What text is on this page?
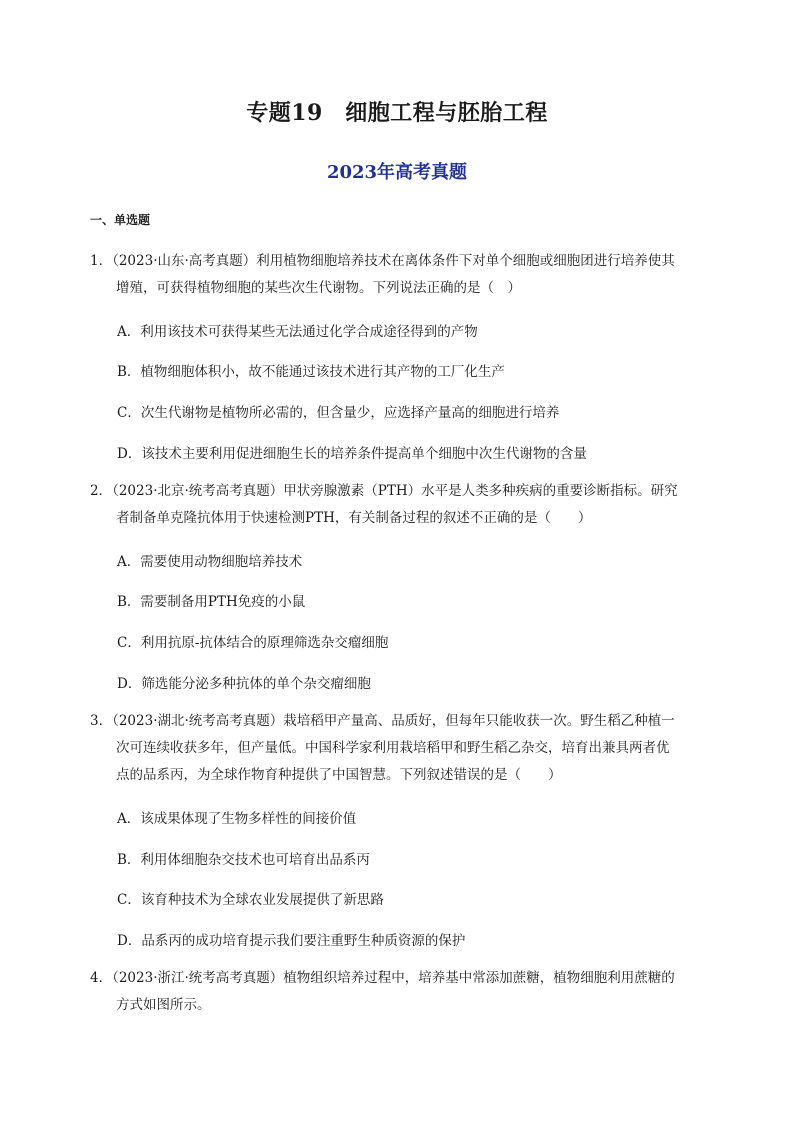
专题19　细胞工程与胚胎工程
2023年高考真题
一、单选题
1．（2023·山东·高考真题）利用植物细胞培养技术在离体条件下对单个细胞或细胞团进行培养使其
增殖，可获得植物细胞的某些次生代谢物。下列说法正确的是（　）
A．利用该技术可获得某些无法通过化学合成途径得到的产物
B．植物细胞体积小，故不能通过该技术进行其产物的工厂化生产
C．次生代谢物是植物所必需的，但含量少，应选择产量高的细胞进行培养
D．该技术主要利用促进细胞生长的培养条件提高单个细胞中次生代谢物的含量
2．（2023·北京·统考高考真题）甲状旁腺激素（PTH）水平是人类多种疾病的重要诊断指标。研究
者制备单克隆抗体用于快速检测PTH，有关制备过程的叙述不正确的是（　　）
A．需要使用动物细胞培养技术
B．需要制备用PTH免疫的小鼠
C．利用抗原-抗体结合的原理筛选杂交瘤细胞
D．筛选能分泌多种抗体的单个杂交瘤细胞
3．（2023·湖北·统考高考真题）栽培稻甲产量高、品质好，但每年只能收获一次。野生稻乙种植一
次可连续收获多年，但产量低。中国科学家利用栽培稻甲和野生稻乙杂交，培育出兼具两者优
点的品系丙，为全球作物育种提供了中国智慧。下列叙述错误的是（　　）
A．该成果体现了生物多样性的间接价值
B．利用体细胞杂交技术也可培育出品系丙
C．该育种技术为全球农业发展提供了新思路
D．品系丙的成功培育提示我们要注重野生种质资源的保护
4．（2023·浙江·统考高考真题）植物组织培养过程中，培养基中常添加蔗糖，植物细胞利用蔗糖的
方式如图所示。
